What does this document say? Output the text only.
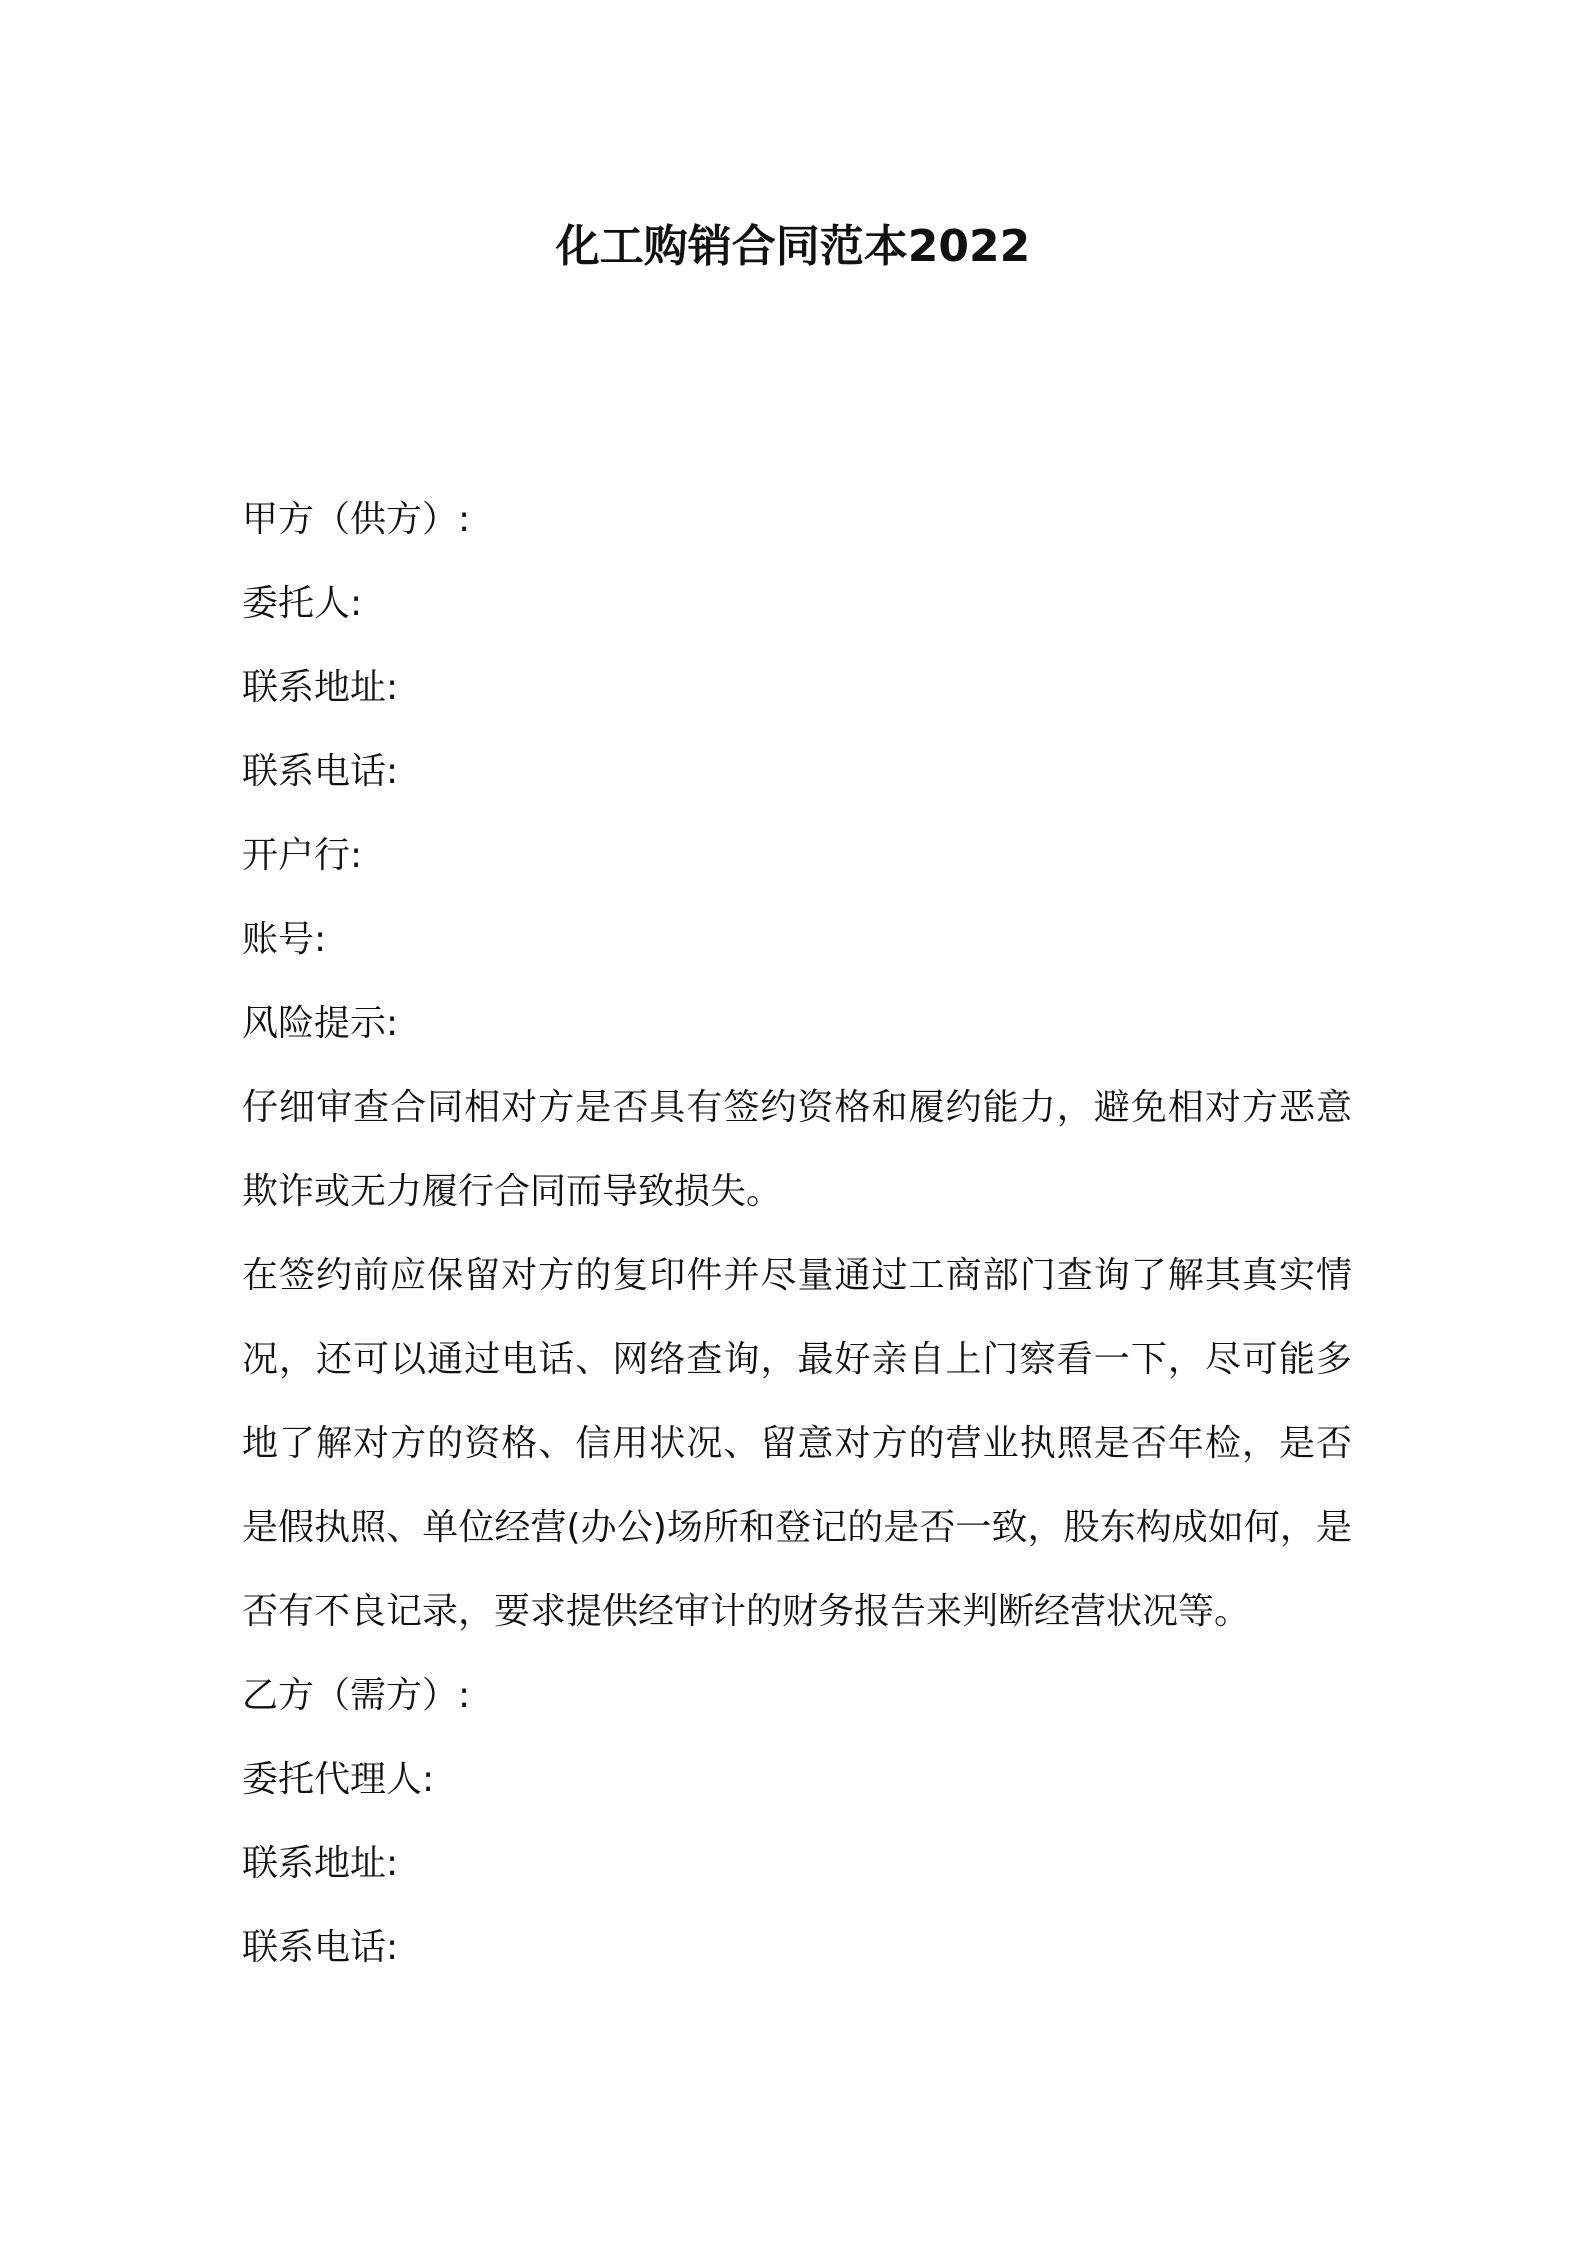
化工购销合同范本2022
甲方（供方）:
委托人:
联系地址:
联系电话:
开户行:
账号:
风险提示:
仔细审查合同相对方是否具有签约资格和履约能力，避免相对方恶意欺诈或无力履行合同而导致损失。
在签约前应保留对方的复印件并尽量通过工商部门查询了解其真实情况，还可以通过电话、网络查询，最好亲自上门察看一下，尽可能多地了解对方的资格、信用状况、留意对方的营业执照是否年检，是否是假执照、单位经营(办公)场所和登记的是否一致，股东构成如何，是否有不良记录，要求提供经审计的财务报告来判断经营状况等。
乙方（需方）:
委托代理人:
联系地址:
联系电话:
